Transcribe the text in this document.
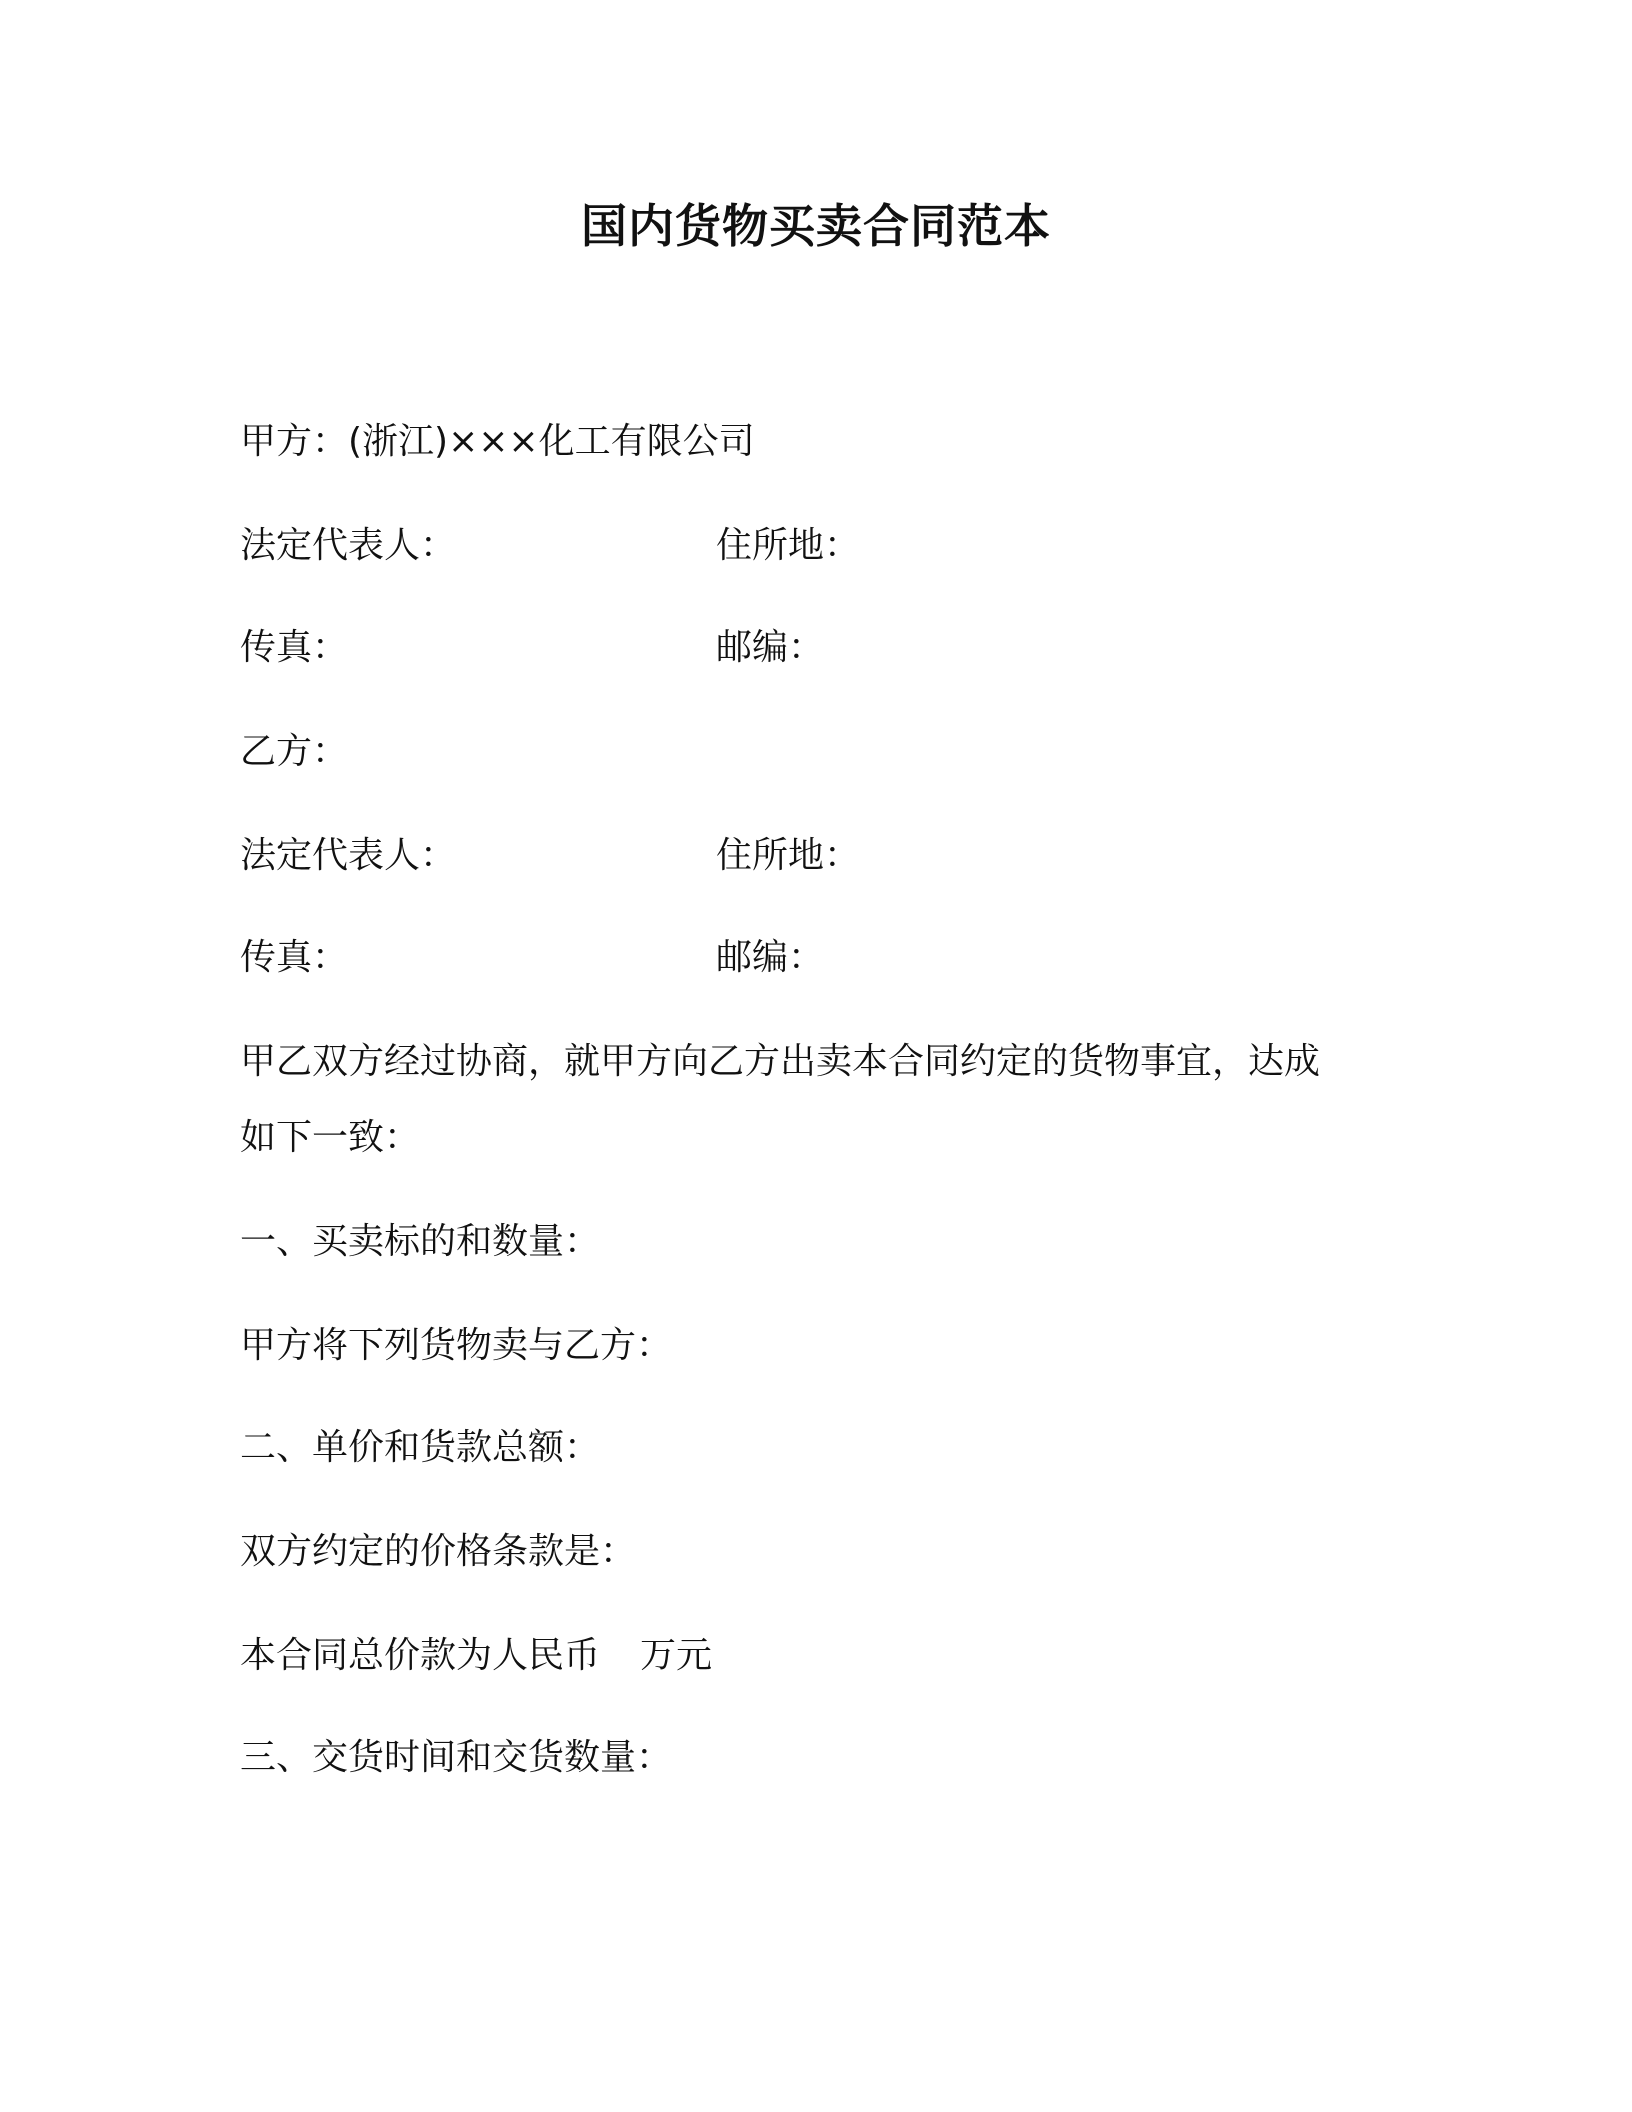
国内货物买卖合同范本
甲方：(浙江)×××化工有限公司
法定代表人：	住所地：
传真：	邮编：
乙方：
法定代表人：	住所地：
传真：	邮编：
甲乙双方经过协商，就甲方向乙方出卖本合同约定的货物事宜，达成
如下一致：
一、买卖标的和数量：
甲方将下列货物卖与乙方：
二、单价和货款总额：
双方约定的价格条款是：
本合同总价款为人民币 万元
三、交货时间和交货数量：
